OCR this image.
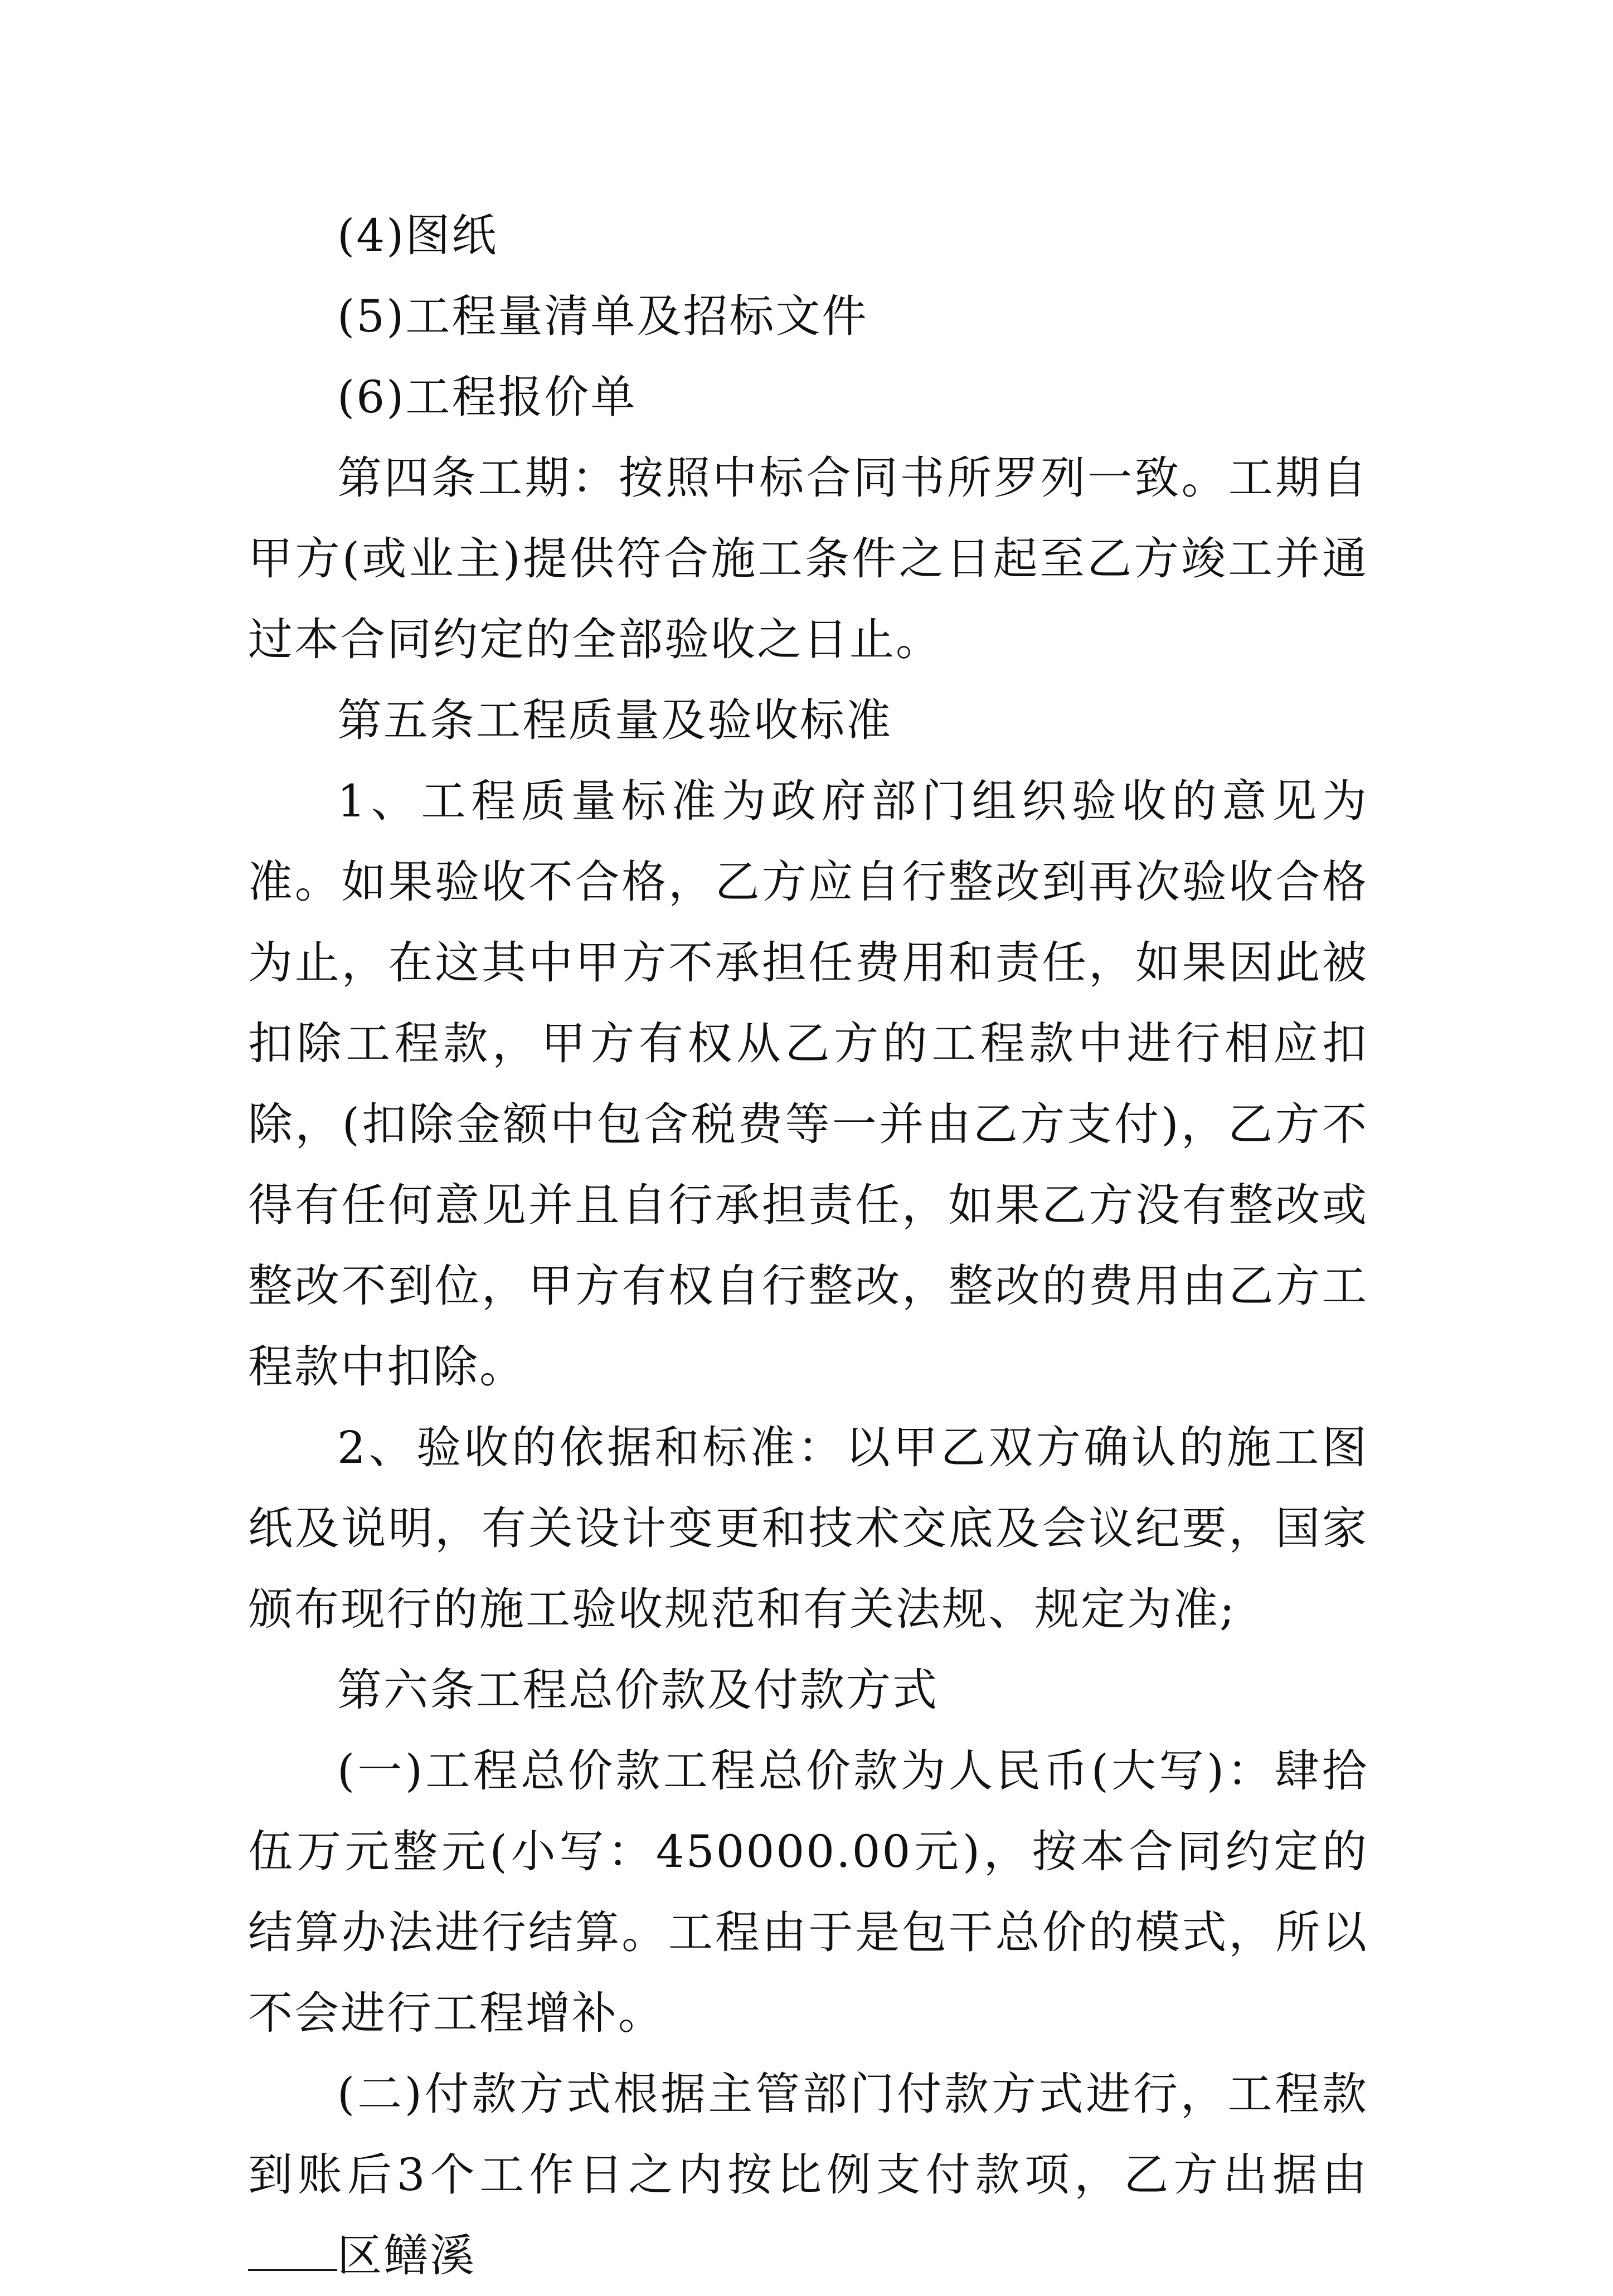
(4)图纸

(5)工程量清单及招标文件

(6)工程报价单

第四条工期：按照中标合同书所罗列一致。工期自甲方(或业主)提供符合施工条件之日起至乙方竣工并通过本合同约定的全部验收之日止。

第五条工程质量及验收标准

1、工程质量标准为政府部门组织验收的意见为准。如果验收不合格，乙方应自行整改到再次验收合格为止，在这其中甲方不承担任费用和责任，如果因此被扣除工程款，甲方有权从乙方的工程款中进行相应扣除，(扣除金额中包含税费等一并由乙方支付)，乙方不得有任何意见并且自行承担责任，如果乙方没有整改或整改不到位，甲方有权自行整改，整改的费用由乙方工程款中扣除。

2、验收的依据和标准：以甲乙双方确认的施工图纸及说明，有关设计变更和技术交底及会议纪要，国家颁布现行的施工验收规范和有关法规、规定为准;

第六条工程总价款及付款方式

(一)工程总价款工程总价款为人民币(大写)：肆拾伍万元整元(小写：450000.00元)，按本合同约定的结算办法进行结算。工程由于是包干总价的模式，所以不会进行工程增补。

(二)付款方式根据主管部门付款方式进行，工程款到账后3个工作日之内按比例支付款项，乙方出据由区鳝溪
